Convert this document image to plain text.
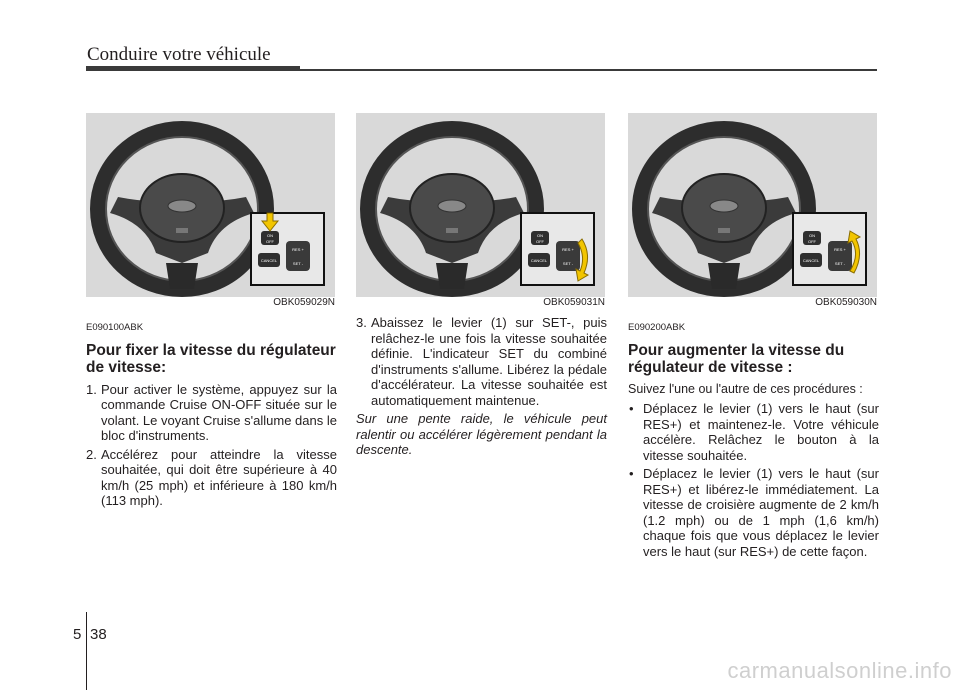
Conduire votre véhicule
ON
OFF
CANCEL
RES +
SET -
OBK059029N
ON
OFF
CANCEL
RES +
SET -
OBK059031N
ON
OFF
CANCEL
RES +
SET -
OBK059030N
E090100ABK
Pour fixer la vitesse du régulateur de vitesse:
1. Pour activer le système, appuyez sur la commande Cruise ON-OFF située sur le volant. Le voyant Cruise s'allume dans le bloc d'instruments.
2. Accélérez pour atteindre la vitesse souhaitée, qui doit être supérieure à 40 km/h (25 mph) et inférieure à 180 km/h (113 mph).
3. Abaissez le levier (1) sur SET-, puis relâchez-le une fois la vitesse souhaitée définie. L'indicateur SET du combiné d'instruments s'allume. Libérez la pédale d'accélérateur. La vitesse souhaitée est automatiquement maintenue.
Sur une pente raide, le véhicule peut ralentir ou accélérer légèrement pendant la descente.
E090200ABK
Pour augmenter la vitesse du régulateur de vitesse :
Suivez l'une ou l'autre de ces procédures :
• Déplacez le levier (1) vers le haut (sur RES+) et maintenez-le. Votre véhicule accélère. Relâchez le bouton à la vitesse souhaitée.
• Déplacez le levier (1) vers le haut (sur RES+) et libérez-le immédiatement. La vitesse de croisière augmente de 2 km/h (1.2 mph) ou de 1 mph (1,6 km/h) chaque fois que vous déplacez le levier vers le haut (sur RES+) de cette façon.
5 38
carmanualsonline.info
